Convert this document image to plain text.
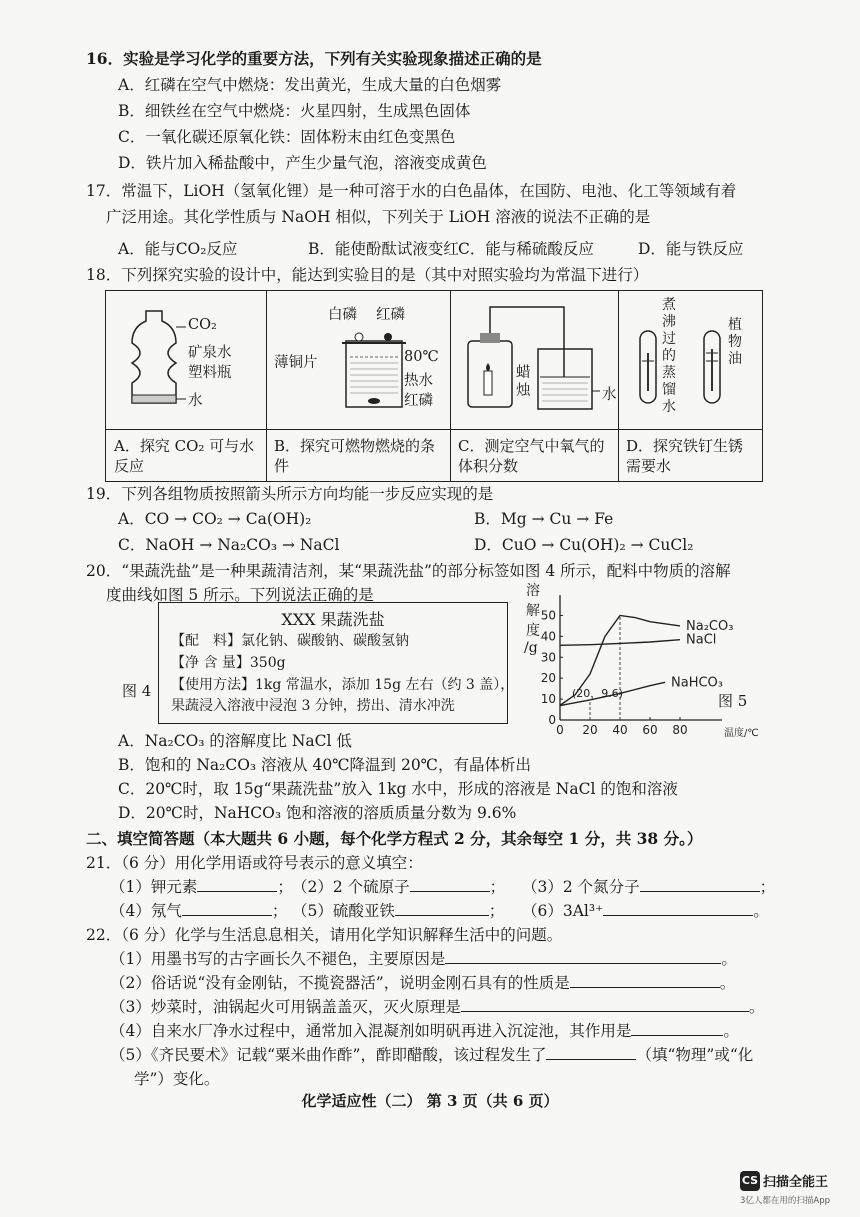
16．实验是学习化学的重要方法，下列有关实验现象描述正确的是
A．红磷在空气中燃烧：发出黄光，生成大量的白色烟雾
B．细铁丝在空气中燃烧：火星四射，生成黑色固体
C．一氧化碳还原氧化铁：固体粉末由红色变黑色
D．铁片加入稀盐酸中，产生少量气泡，溶液变成黄色
17．常温下，LiOH（氢氧化锂）是一种可溶于水的白色晶体，在国防、电池、化工等领域有着
广泛用途。其化学性质与 NaOH 相似，下列关于 LiOH 溶液的说法不正确的是
A．能与CO₂反应	B．能使酚酞试液变红 C．能与稀硫酸反应	D．能与铁反应
18．下列探究实验的设计中，能达到实验目的是（其中对照实验均为常温下进行）
CO₂
矿泉水
塑料瓶
水
A．探究 CO₂ 可与水反应
白磷 红磷
薄铜片	80℃
热水
红磷
B．探究可燃物燃烧的条件
蜡
烛	水
C．测定空气中氧气的体积分数
煮沸过的蒸馏水
植物油
D．探究铁钉生锈需要水
19．下列各组物质按照箭头所示方向均能一步反应实现的是
A．CO → CO₂ → Ca(OH)₂	B．Mg → Cu → Fe
C．NaOH → Na₂CO₃ → NaCl	D．CuO → Cu(OH)₂ → CuCl₂
20．“果蔬洗盐”是一种果蔬清洁剂，某“果蔬洗盐”的部分标签如图 4 所示，配料中物质的溶解
度曲线如图 5 所示。下列说法正确的是
图 4
XXX 果蔬洗盐
【配　料】氯化钠、碳酸钠、碳酸氢钠
【净 含 量】350g
【使用方法】1kg 常温水，添加 15g 左右（约 3 盖），
果蔬浸入溶液中浸泡 3 分钟，捞出、清水冲洗
溶
解
度
/g
0 20 40 60 80
0
10
20
30
40
50
温度/℃
Na₂CO₃
NaCl
NaHCO₃
(20，9.6)	图 5
A．Na₂CO₃ 的溶解度比 NaCl 低
B．饱和的 Na₂CO₃ 溶液从 40℃降温到 20℃，有晶体析出
C．20℃时，取 15g“果蔬洗盐”放入 1kg 水中，形成的溶液是 NaCl 的饱和溶液
D．20℃时，NaHCO₃ 饱和溶液的溶质质量分数为 9.6%
二、填空简答题（本大题共 6 小题，每个化学方程式 2 分，其余每空 1 分，共 38 分。）
21．（6 分）用化学用语或符号表示的意义填空：
（1）钾元素	； （2）2 个硫原子	； （3）2 个氮分子	；
（4）氖气	； （5）硫酸亚铁	； （6）3Al³⁺	。
22．（6 分）化学与生活息息相关，请用化学知识解释生活中的问题。
（1）用墨书写的古字画长久不褪色，主要原因是	。
（2）俗话说“没有金刚钻，不揽瓷器活”，说明金刚石具有的性质是	。
（3）炒菜时，油锅起火可用锅盖盖灭，灭火原理是	。
（4）自来水厂净水过程中，通常加入混凝剂如明矾再进入沉淀池，其作用是	。
（5）《齐民要术》记载“粟米曲作酢”，酢即醋酸，该过程发生了	（填“物理”或“化
学”）变化。
化学适应性（二） 第 3 页（共 6 页）
CS 扫描全能王
3亿人都在用的扫描App
